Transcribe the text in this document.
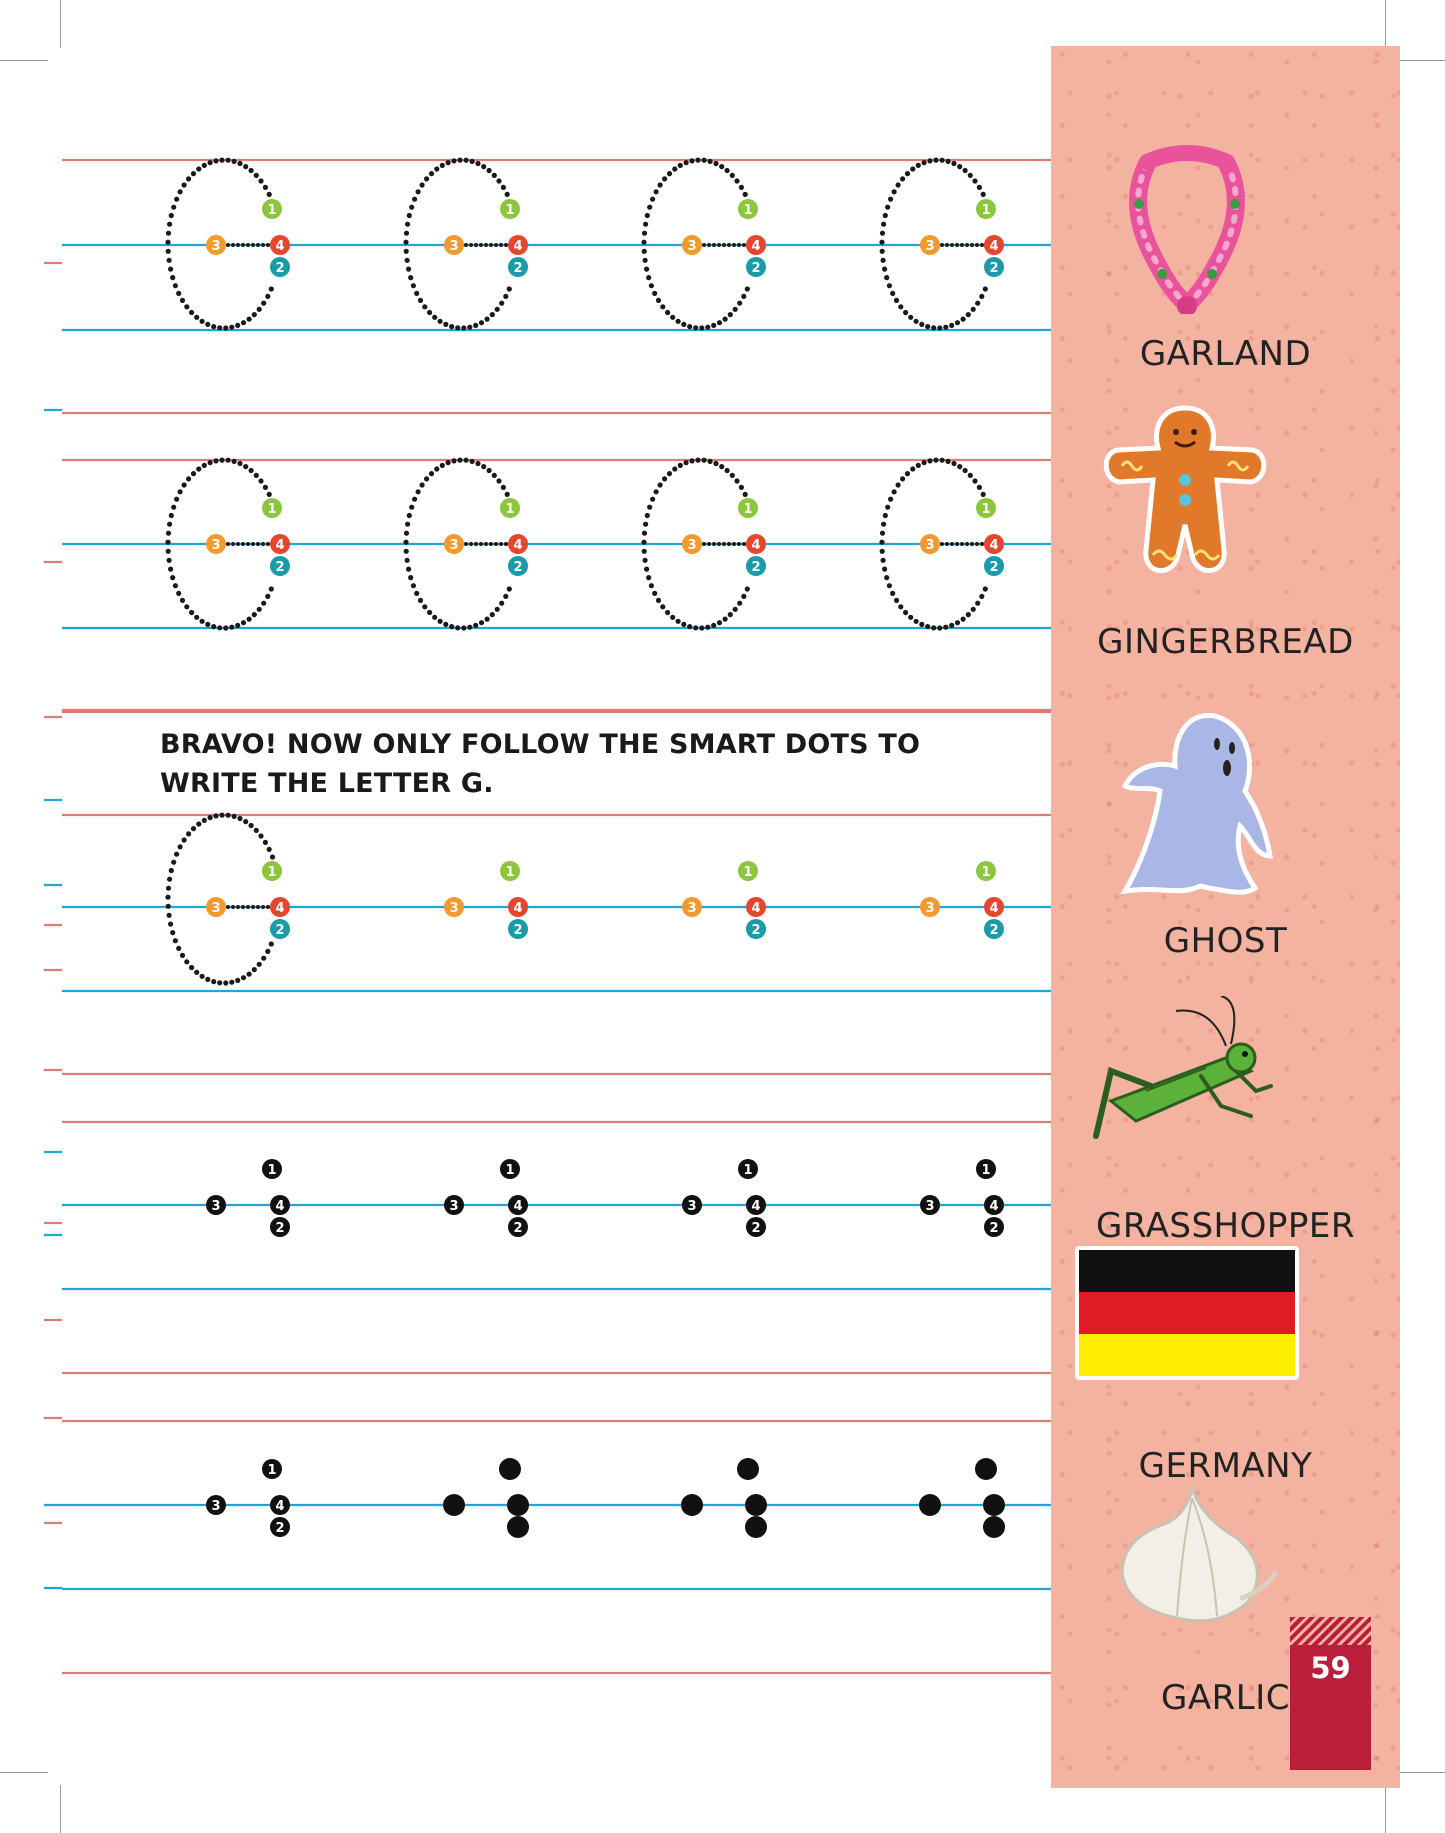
1
3	4
2
1
3	4
2
1
3	4
2
1
3	4
2
1
3	4
2
1
3	4
2
1
3	4
2
1
3	4
2
1
3	4
2
1
3	4
2
1
3	4
2
1
3	4
2
1
3	4
2
1
3	4
2
1
3	4
2
1
3	4
2
1
3	4
2
BRAVO! NOW ONLY FOLLOW THE SMART DOTS TO
WRITE THE LETTER G.
GARLAND
GINGERBREAD
GHOST
GRASSHOPPER
GERMANY
GARLIC
59
